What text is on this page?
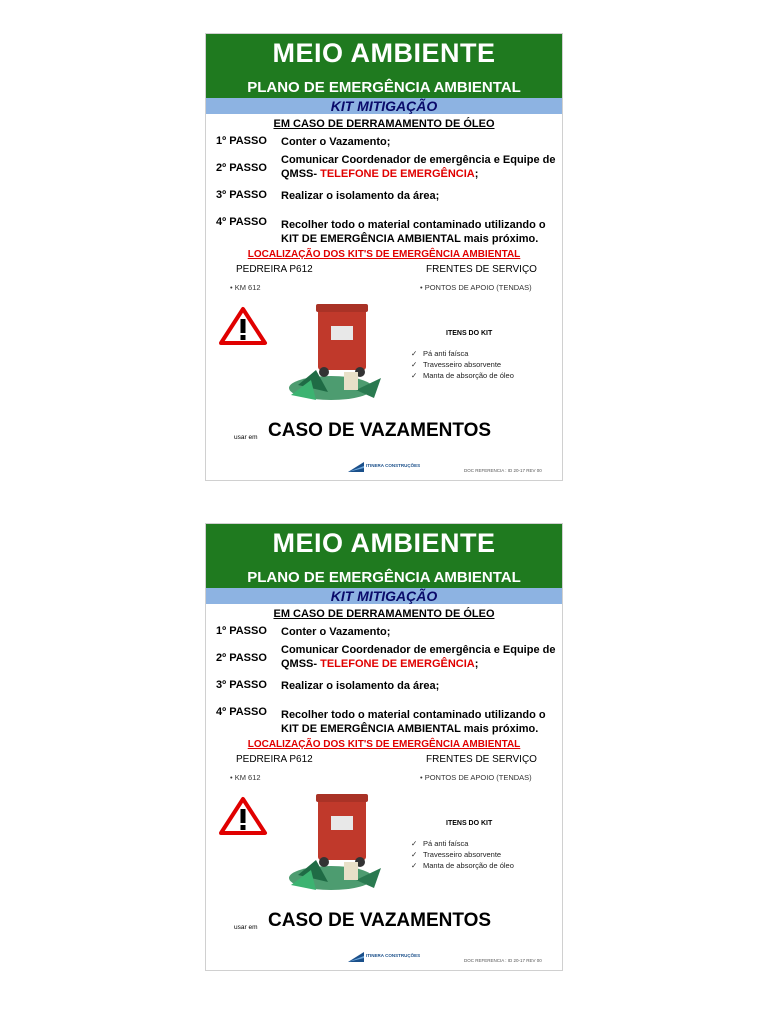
MEIO AMBIENTE
PLANO DE EMERGÊNCIA AMBIENTAL
KIT MITIGAÇÃO
EM CASO DE DERRAMAMENTO DE ÓLEO
1º PASSO Conter o Vazamento;
2º PASSO
Comunicar Coordenador de emergência e Equipe de QMSS- TELEFONE DE EMERGÊNCIA;
3º PASSO Realizar o isolamento da área;
4º PASSO Recolher todo o material contaminado utilizando o KIT DE EMERGÊNCIA AMBIENTAL mais próximo.
LOCALIZAÇÃO DOS KIT'S DE EMERGÊNCIA AMBIENTAL
PEDREIRA P612	FRENTES DE SERVIÇO
• KM 612	• PONTOS DE APOIO (TENDAS)
ITENS DO KIT
✓ Pá anti faísca
✓ Travesseiro absorvente
✓ Manta de absorção de óleo
usar em CASO DE VAZAMENTOS
ITINERA CONSTRUÇÕES
DOC REFERENCIA : ID 20-17 REV 00
MEIO AMBIENTE
PLANO DE EMERGÊNCIA AMBIENTAL
KIT MITIGAÇÃO
EM CASO DE DERRAMAMENTO DE ÓLEO
1º PASSO Conter o Vazamento;
2º PASSO
Comunicar Coordenador de emergência e Equipe de QMSS- TELEFONE DE EMERGÊNCIA;
3º PASSO Realizar o isolamento da área;
4º PASSO Recolher todo o material contaminado utilizando o KIT DE EMERGÊNCIA AMBIENTAL mais próximo.
LOCALIZAÇÃO DOS KIT'S DE EMERGÊNCIA AMBIENTAL
PEDREIRA P612	FRENTES DE SERVIÇO
• KM 612	• PONTOS DE APOIO (TENDAS)
ITENS DO KIT
✓ Pá anti faísca
✓ Travesseiro absorvente
✓ Manta de absorção de óleo
usar em CASO DE VAZAMENTOS
ITINERA CONSTRUÇÕES
DOC REFERENCIA : ID 20-17 REV 00
